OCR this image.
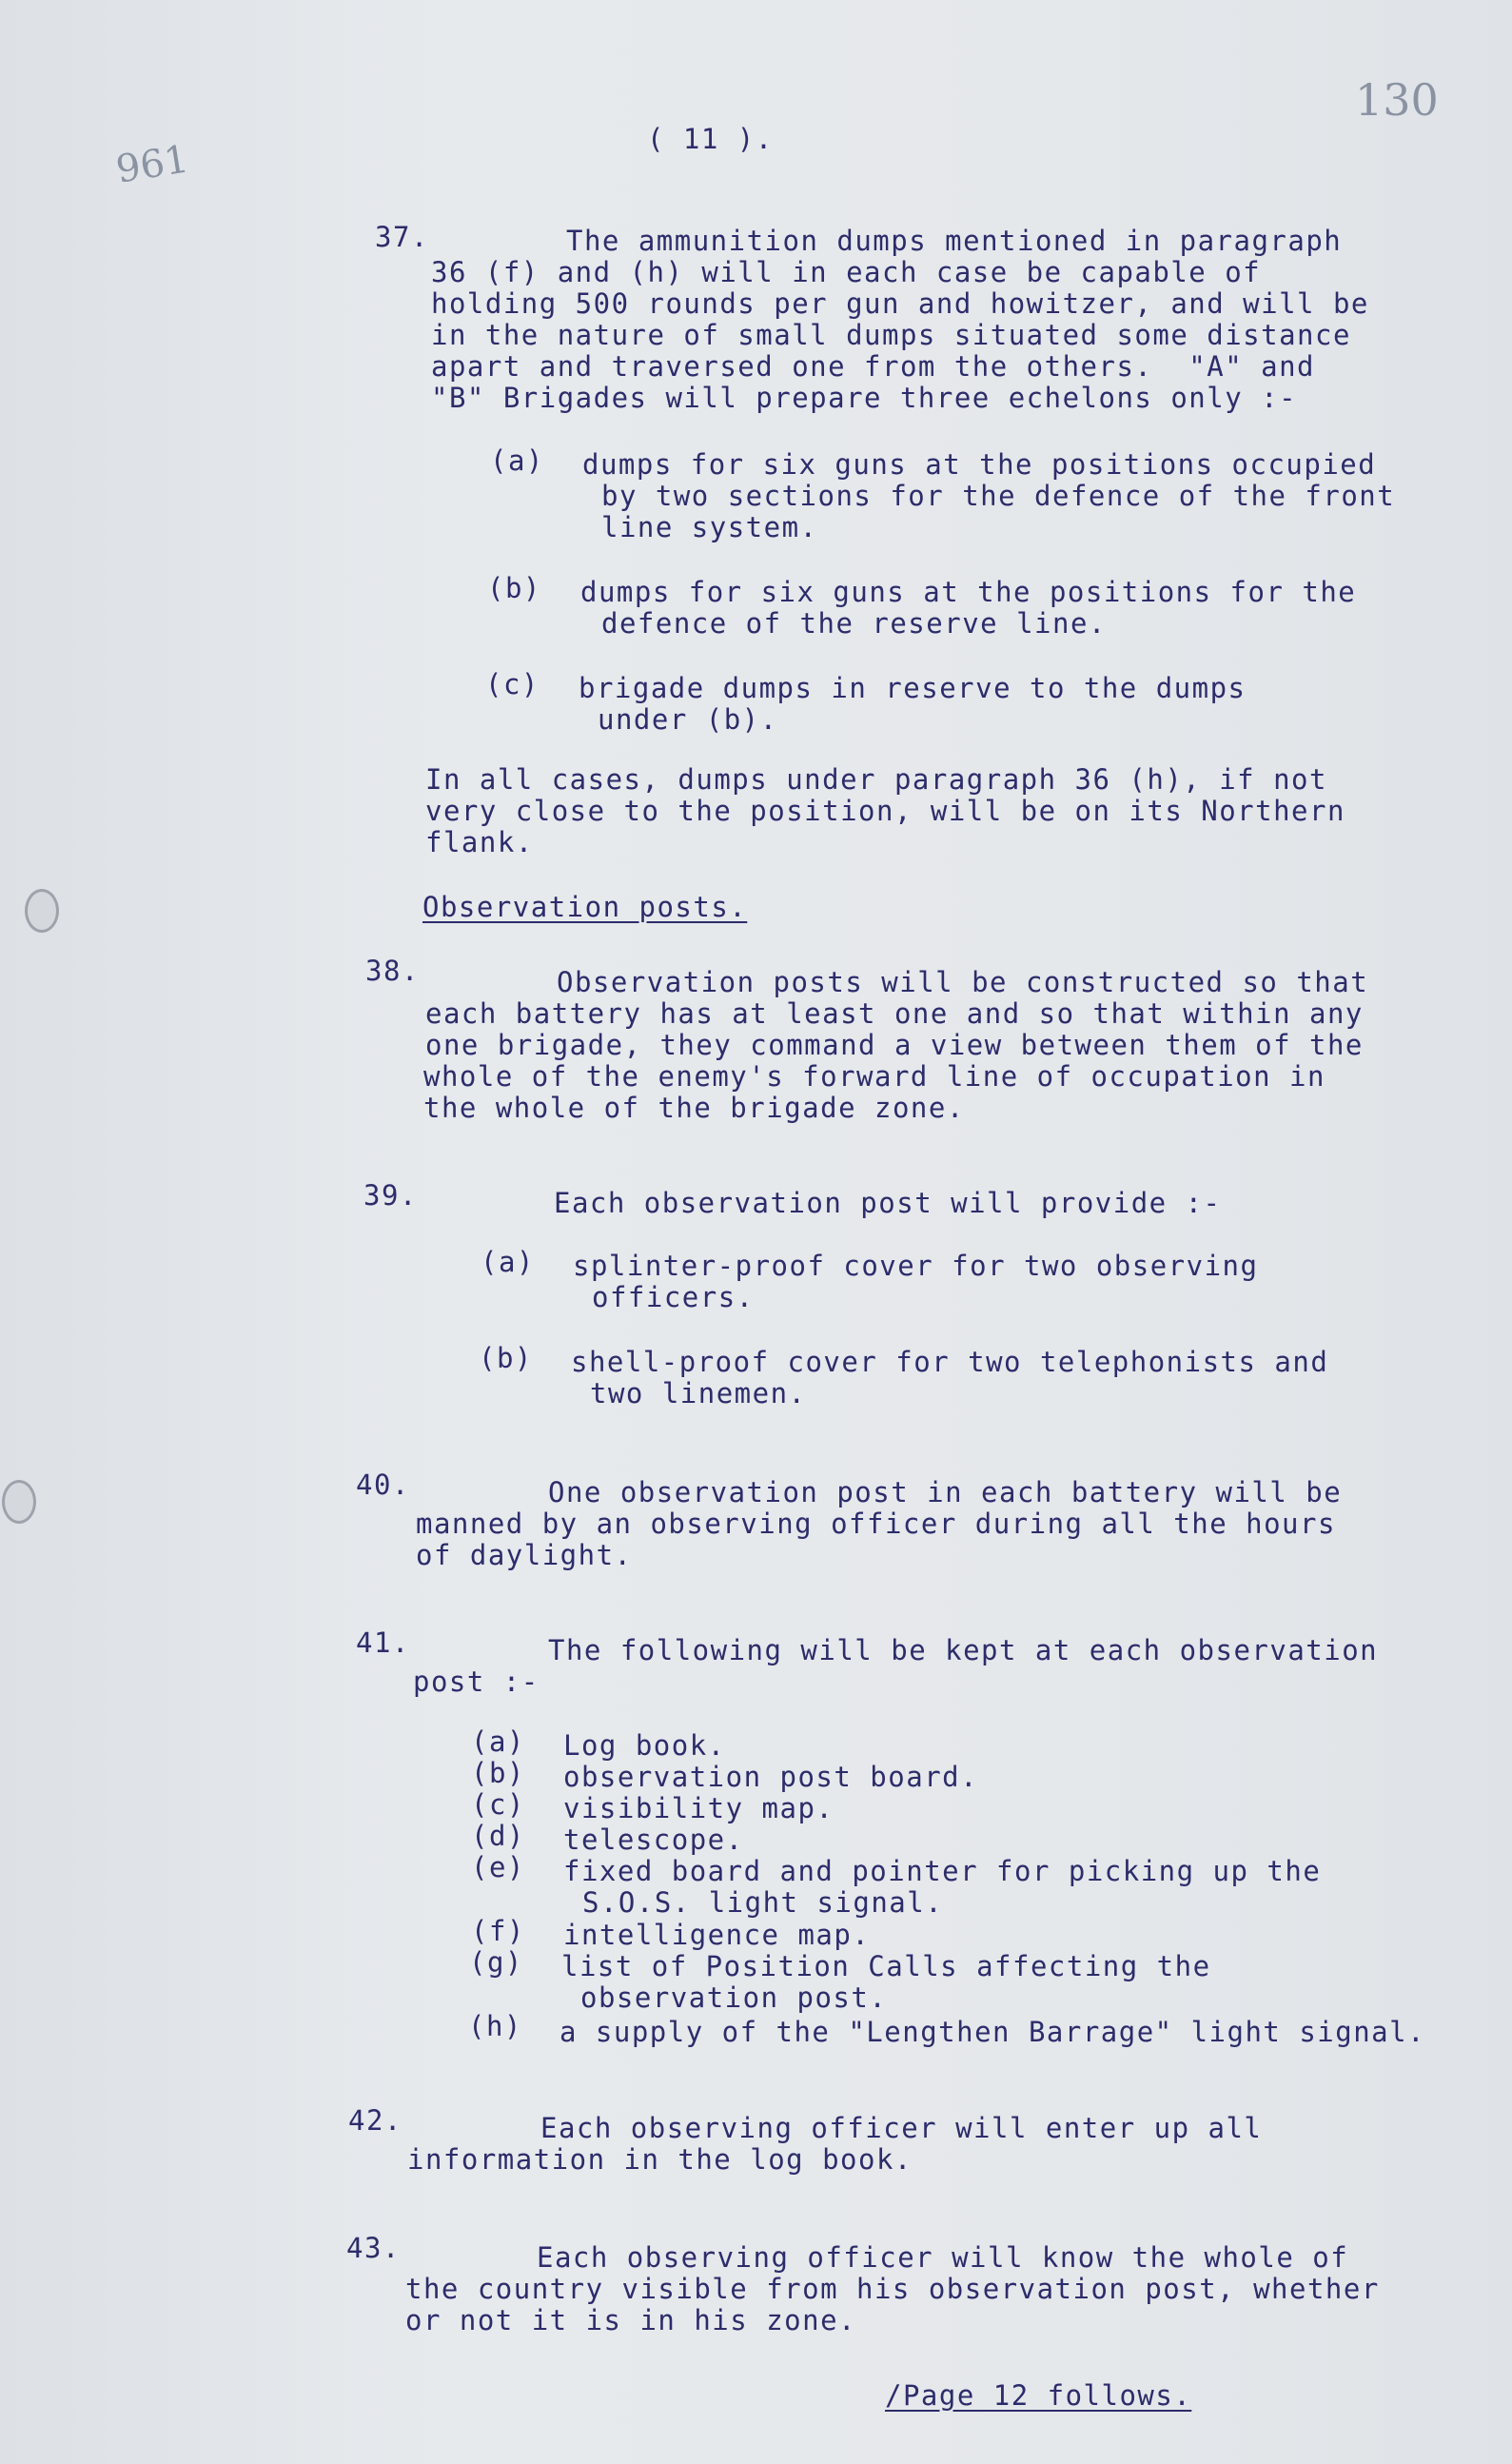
961
130
( 11 ).
37.	The ammunition dumps mentioned in paragraph
36 (f) and (h) will in each case be capable of
holding 500 rounds per gun and howitzer, and will be
in the nature of small dumps situated some distance
apart and traversed one from the others.  "A" and
"B" Brigades will prepare three echelons only :-
(a) dumps for six guns at the positions occupied
by two sections for the defence of the front
line system.
(b) dumps for six guns at the positions for the
defence of the reserve line.
(c) brigade dumps in reserve to the dumps
under (b).
In all cases, dumps under paragraph 36 (h), if not
very close to the position, will be on its Northern
flank.
Observation posts.
38.	Observation posts will be constructed so that
each battery has at least one and so that within any
one brigade, they command a view between them of the
whole of the enemy's forward line of occupation in
the whole of the brigade zone.
39.	Each observation post will provide :-
(a) splinter-proof cover for two observing
officers.
(b) shell-proof cover for two telephonists and
two linemen.
40.	One observation post in each battery will be
manned by an observing officer during all the hours
of daylight.
41.	The following will be kept at each observation
post :-
(a) Log book.
(b) observation post board.
(c) visibility map.
(d) telescope.
(e) fixed board and pointer for picking up the
S.O.S. light signal.
(f) intelligence map.
(g) list of Position Calls affecting the
observation post.
(h) a supply of the "Lengthen Barrage" light signal.
42.	Each observing officer will enter up all
information in the log book.
43.	Each observing officer will know the whole of
the country visible from his observation post, whether
or not it is in his zone.
/Page 12 follows.
